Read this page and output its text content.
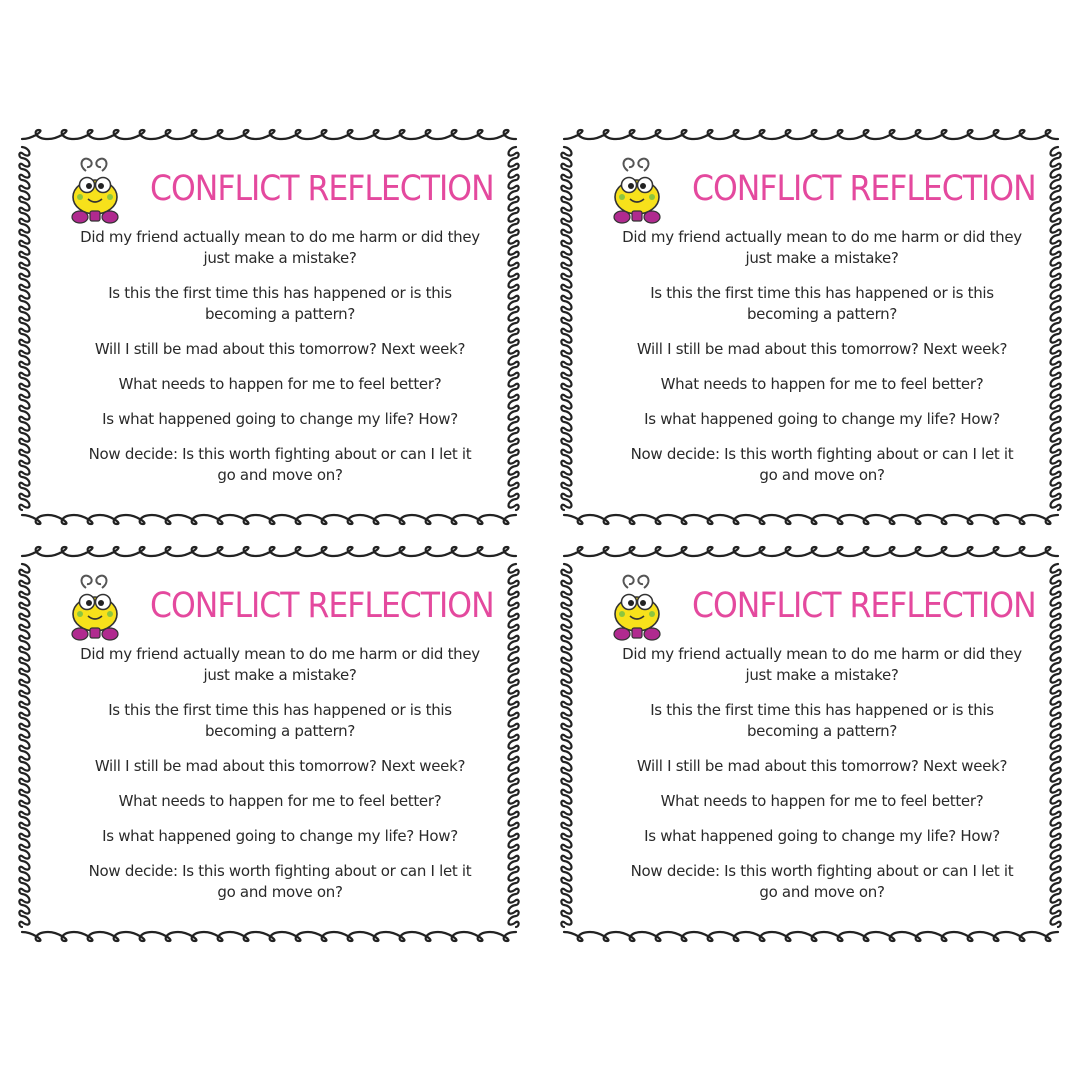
CONFLICT REFLECTION
Did my friend actually mean to do me harm or did they
just make a mistake?
Is this the first time this has happened or is this
becoming a pattern?
Will I still be mad about this tomorrow? Next week?
What needs to happen for me to feel better?
Is what happened going to change my life? How?
Now decide: Is this worth fighting about or can I let it
go and move on?
CONFLICT REFLECTION
Did my friend actually mean to do me harm or did they
just make a mistake?
Is this the first time this has happened or is this
becoming a pattern?
Will I still be mad about this tomorrow? Next week?
What needs to happen for me to feel better?
Is what happened going to change my life? How?
Now decide: Is this worth fighting about or can I let it
go and move on?
CONFLICT REFLECTION
Did my friend actually mean to do me harm or did they
just make a mistake?
Is this the first time this has happened or is this
becoming a pattern?
Will I still be mad about this tomorrow? Next week?
What needs to happen for me to feel better?
Is what happened going to change my life? How?
Now decide: Is this worth fighting about or can I let it
go and move on?
CONFLICT REFLECTION
Did my friend actually mean to do me harm or did they
just make a mistake?
Is this the first time this has happened or is this
becoming a pattern?
Will I still be mad about this tomorrow? Next week?
What needs to happen for me to feel better?
Is what happened going to change my life? How?
Now decide: Is this worth fighting about or can I let it
go and move on?
